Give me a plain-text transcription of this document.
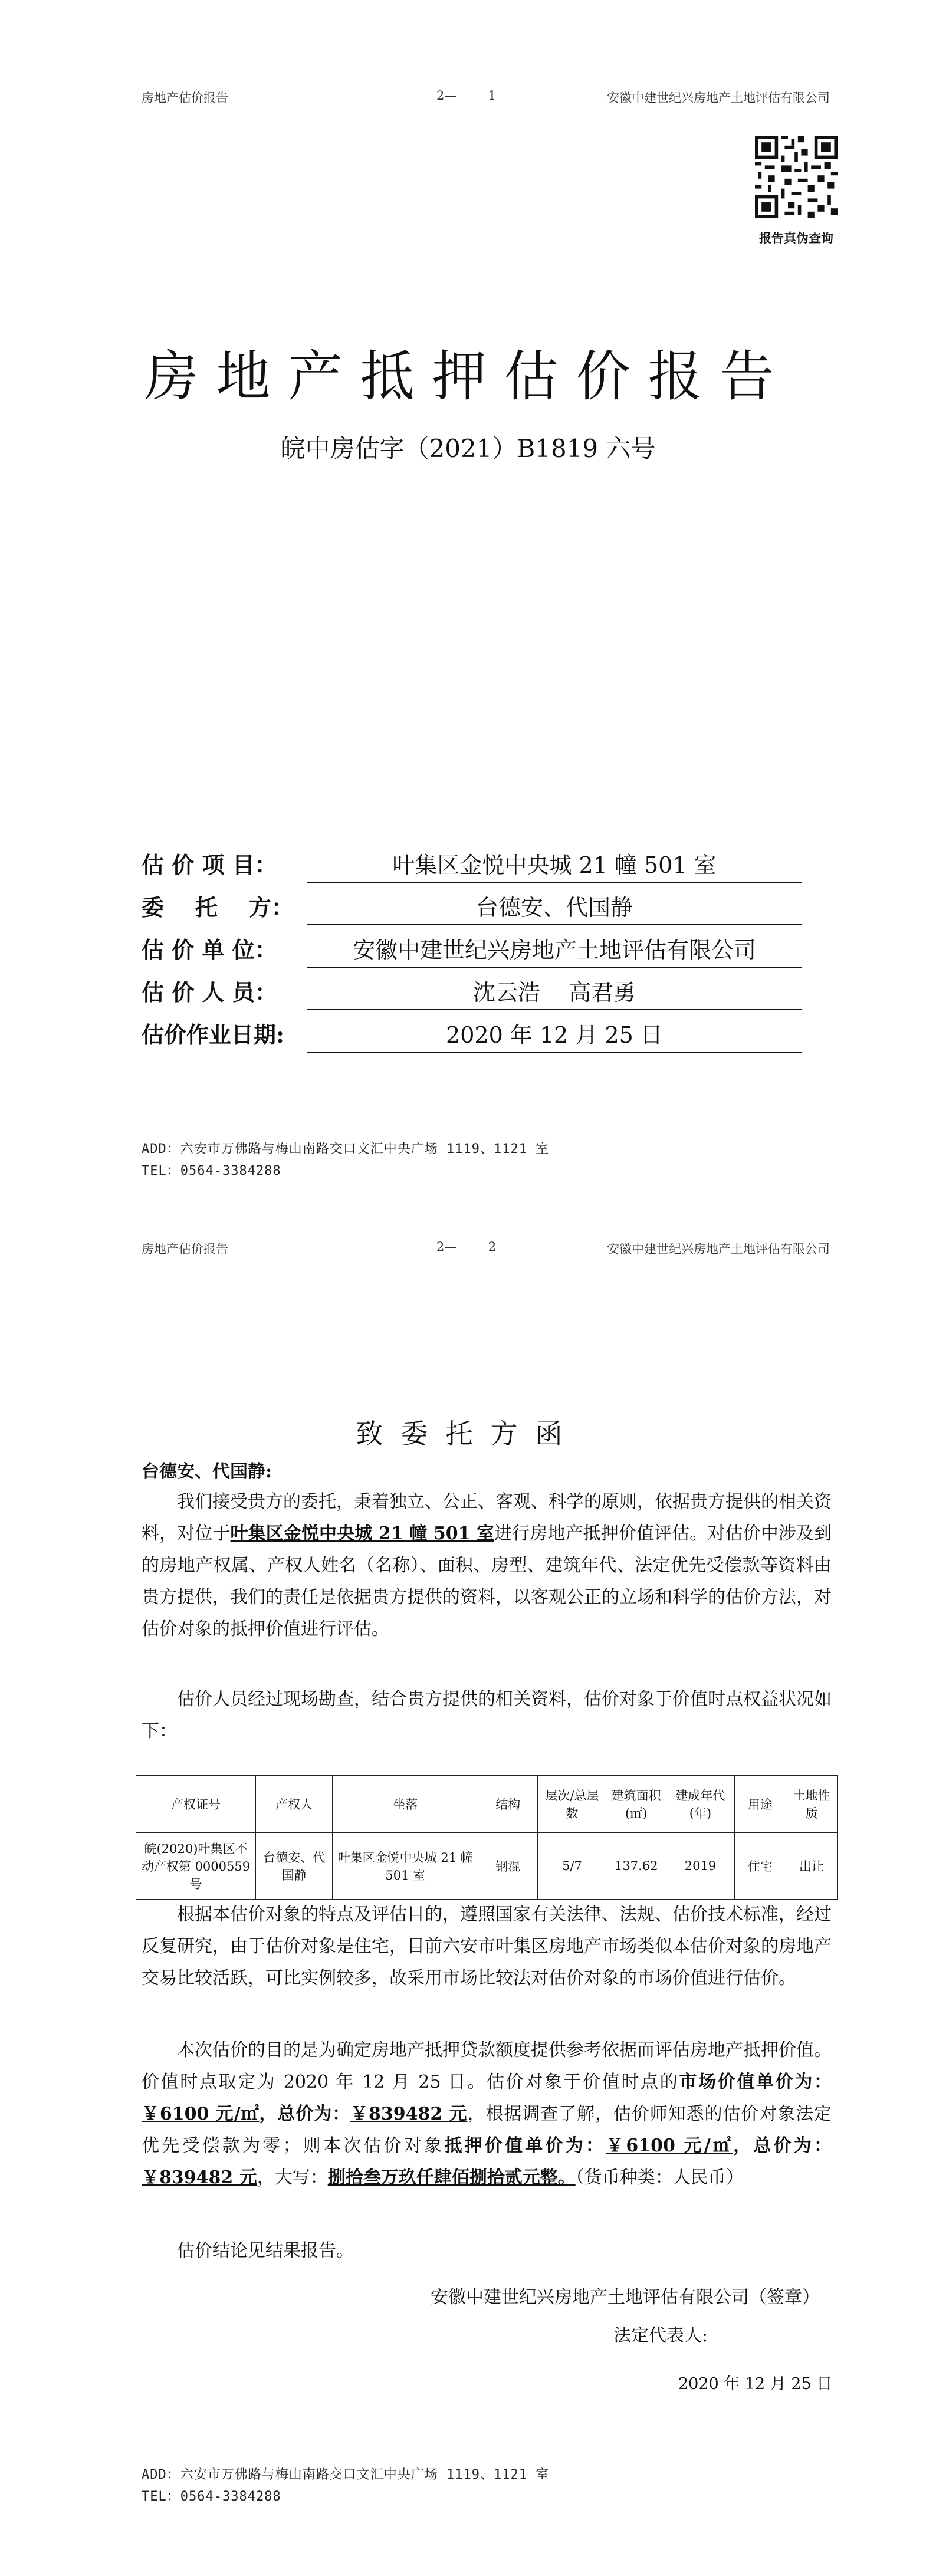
房地产估价报告	2—        1	安徽中建世纪兴房地产土地评估有限公司
报告真伪查询
房地产抵押估价报告
皖中房估字（2021）B1819 六号
估 价 项 目：	叶集区金悦中央城 21 幢 501 室
委    托    方：	台德安、代国静
估 价 单 位：	安徽中建世纪兴房地产土地评估有限公司
估 价 人 员：	沈云浩    高君勇
估价作业日期:	2020 年 12 月 25 日
ADD：六安市万佛路与梅山南路交口文汇中央广场 1119、1121 室
TEL：0564-3384288
房地产估价报告	2—        2	安徽中建世纪兴房地产土地评估有限公司
致委托方函
台德安、代国静:
我们接受贵方的委托，秉着独立、公正、客观、科学的原则，依据贵方提供的相关资料，对位于叶集区金悦中央城 21 幢 501 室进行房地产抵押价值评估。对估价中涉及到的房地产权属、产权人姓名（名称）、面积、房型、建筑年代、法定优先受偿款等资料由贵方提供，我们的责任是依据贵方提供的资料，以客观公正的立场和科学的估价方法，对估价对象的抵押价值进行评估。
估价人员经过现场勘查，结合贵方提供的相关资料，估价对象于价值时点权益状况如下：
产权证号	产权人	坐落	结构	层次/总层数	建筑面积(㎡)	建成年代(年)	用途	土地性质
皖(2020)叶集区不动产权第 0000559 号	台德安、代国静	叶集区金悦中央城 21 幢 501 室	钢混	5/7	137.62	2019	住宅	出让
根据本估价对象的特点及评估目的，遵照国家有关法律、法规、估价技术标准，经过反复研究，由于估价对象是住宅，目前六安市叶集区房地产市场类似本估价对象的房地产交易比较活跃，可比实例较多，故采用市场比较法对估价对象的市场价值进行估价。
本次估价的目的是为确定房地产抵押贷款额度提供参考依据而评估房地产抵押价值。价值时点取定为 2020 年 12 月 25 日。估价对象于价值时点的市场价值单价为：￥6100 元/㎡，总价为：￥839482 元，根据调查了解，估价师知悉的估价对象法定优先受偿款为零；则本次估价对象抵押价值单价为：￥6100 元/㎡，总价为：￥839482 元，大写：捌拾叁万玖仟肆佰捌拾贰元整。（货币种类：人民币）
估价结论见结果报告。
安徽中建世纪兴房地产土地评估有限公司（签章）
法定代表人:
2020 年 12 月 25 日
ADD：六安市万佛路与梅山南路交口文汇中央广场 1119、1121 室
TEL：0564-3384288
